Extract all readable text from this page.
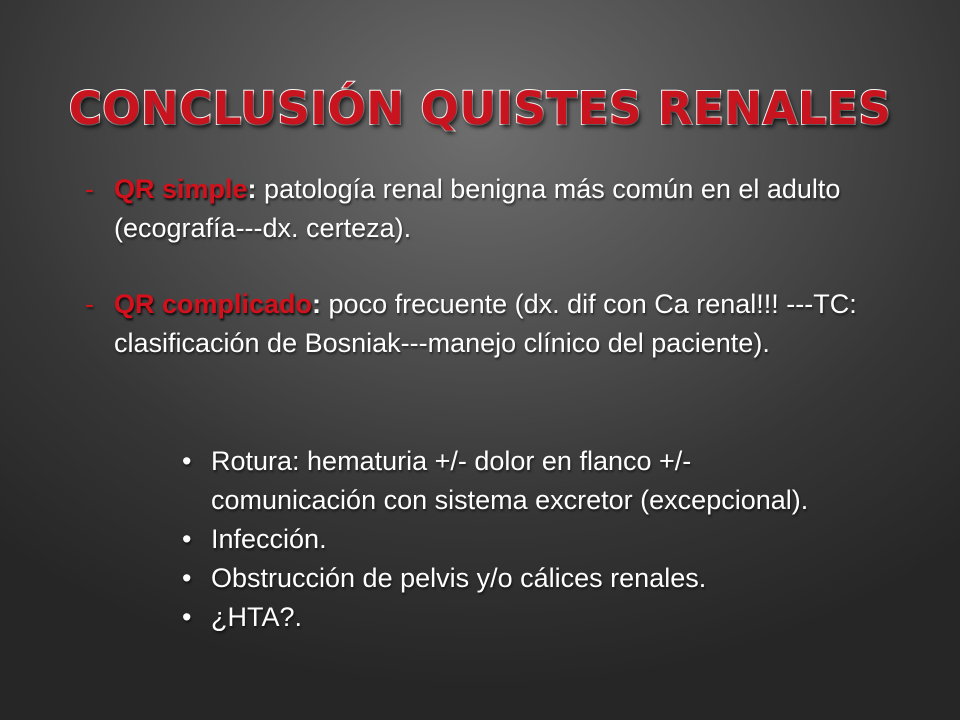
CONCLUSIÓN QUISTES RENALES
- QR simple: patología renal benigna más común en el adulto (ecografía---dx. certeza).
- QR complicado: poco frecuente (dx. dif con Ca renal!!! ---TC: clasificación de Bosniak---manejo clínico del paciente).
• Rotura: hematuria +/- dolor en flanco +/- comunicación con sistema excretor (excepcional).
• Infección.
• Obstrucción de pelvis y/o cálices renales.
• ¿HTA?.
